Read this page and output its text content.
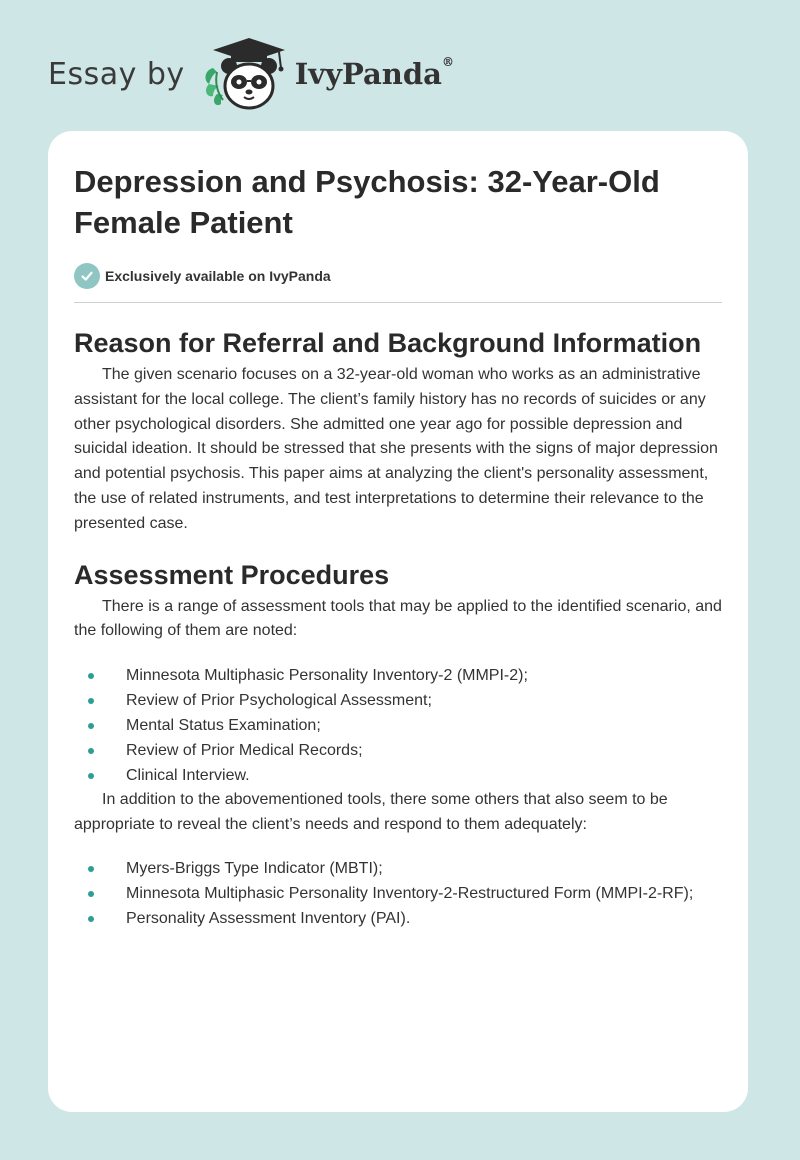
Essay by	IvyPanda®
Depression and Psychosis: 32-Year-Old Female Patient
Exclusively available on IvyPanda
Reason for Referral and Background Information

The given scenario focuses on a 32-year-old woman who works as an administrative assistant for the local college. The client’s family history has no records of suicides or any other psychological disorders. She admitted one year ago for possible depression and suicidal ideation. It should be stressed that she presents with the signs of major depression and potential psychosis. This paper aims at analyzing the client's personality assessment, the use of related instruments, and test interpretations to determine their relevance to the presented case.

Assessment Procedures

There is a range of assessment tools that may be applied to the identified scenario, and the following of them are noted:

Minnesota Multiphasic Personality Inventory-2 (MMPI-2);
Review of Prior Psychological Assessment;
Mental Status Examination;
Review of Prior Medical Records;
Clinical Interview.

In addition to the abovementioned tools, there some others that also seem to be appropriate to reveal the client’s needs and respond to them adequately:

Myers-Briggs Type Indicator (MBTI);
Minnesota Multiphasic Personality Inventory-2-Restructured Form (MMPI-2-RF);
Personality Assessment Inventory (PAI).
